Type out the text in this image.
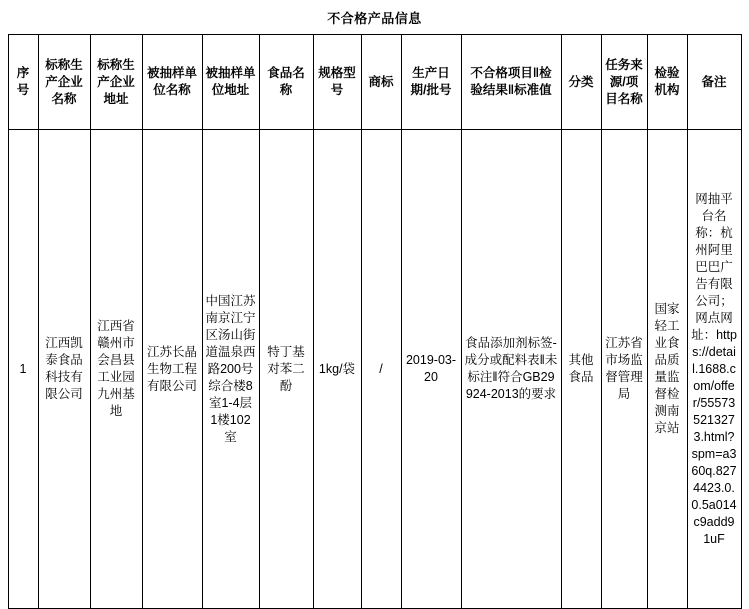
不合格产品信息
序号	标称生产企业名称	标称生产企业地址	被抽样单位名称	被抽样单位地址	食品名称	规格型号	商标	生产日期/批号	不合格项目‖检验结果‖标准值	分类	任务来源/项目名称	检验机构	备注
1	江西凯泰食品科技有限公司	江西省赣州市会昌县工业园九州基地	江苏长晶生物工程有限公司	中国江苏南京江宁区汤山街道温泉西路200号综合楼8室1-4层1楼102室	特丁基对苯二酚	1kg/袋	/	2019-03-20	食品添加剂标签‐成分或配料表‖未标注‖符合GB29924-2013的要求	其他食品	江苏省市场监督管理局	国家轻工业食品质量监督检测南京站	网抽平台名称：杭州阿里巴巴广告有限公司；网点网址：https://detail.1688.com/offer/555735213273.html?spm=a360q.8274423.0.0.5a014c9add91uF
